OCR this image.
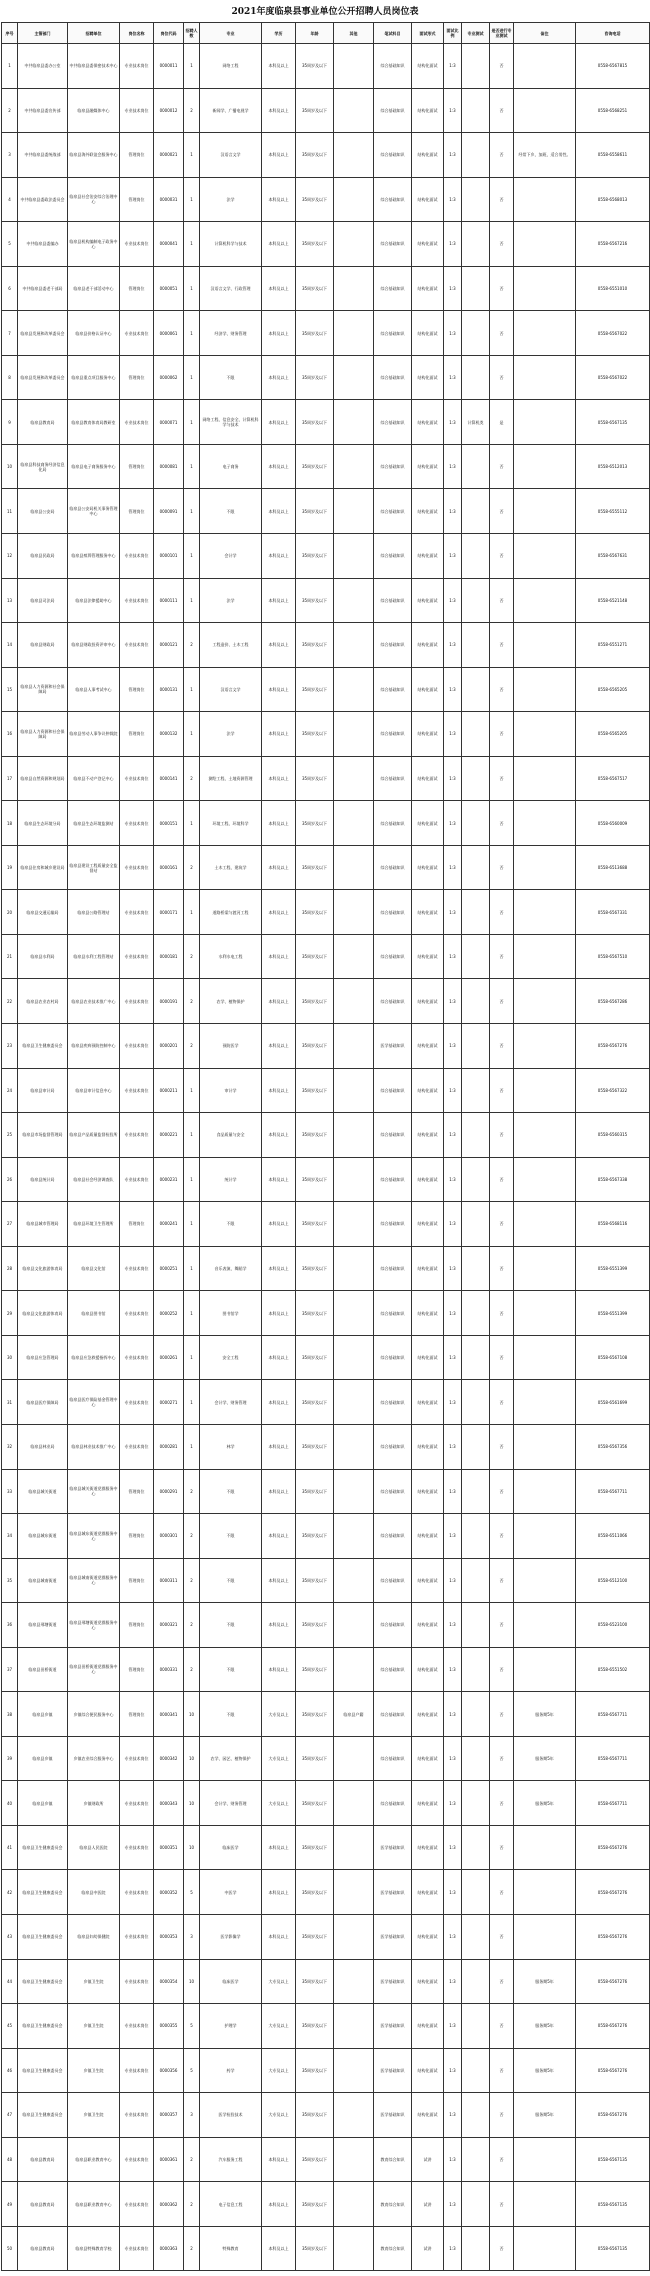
2021年度临泉县事业单位公开招聘人员岗位表
序号	主管部门	招聘单位	岗位名称	岗位代码	招聘人数	专业	学历	年龄	其他	笔试科目	面试形式	面试比例	专业测试	是否进行专业测试	备注	咨询电话
1	中共临泉县委办公室	中共临泉县委保密技术中心	专业技术岗位	0000011	1	网络工程	本科及以上	35周岁及以下		综合基础知识	结构化面试	1:3		否		0558-6567815
2	中共临泉县委宣传部	临泉县融媒体中心	专业技术岗位	0000012	2	新闻学、广播电视学	本科及以上	35周岁及以下		综合基础知识	结构化面试	1:3		否		0558-6568251
3	中共临泉县委统战部	临泉县海外联谊会服务中心	管理岗位	0000021	1	汉语言文学	本科及以上	35周岁及以下		综合基础知识	结构化面试	1:3		否	经常下乡，加班，适合男性。	0558-6558611
4	中共临泉县委政法委员会	临泉县社会治安综合治理中心	管理岗位	0000031	1	法学	本科及以上	35周岁及以下		综合基础知识	结构化面试	1:3		否		0558-6568013
5	中共临泉县委编办	临泉县机构编制电子政务中心	专业技术岗位	0000041	1	计算机科学与技术	本科及以上	35周岁及以下		综合基础知识	结构化面试	1:3		否		0558-6567216
6	中共临泉县委老干部局	临泉县老干部活动中心	管理岗位	0000051	1	汉语言文学、行政管理	本科及以上	35周岁及以下		综合基础知识	结构化面试	1:3		否		0558-6551010
7	临泉县发展和改革委员会	临泉县价格认证中心	专业技术岗位	0000061	1	经济学、财务管理	本科及以上	35周岁及以下		综合基础知识	结构化面试	1:3		否		0558-6567022
8	临泉县发展和改革委员会	临泉县重点项目服务中心	管理岗位	0000062	1	不限	本科及以上	35周岁及以下		综合基础知识	结构化面试	1:3		否		0558-6567022
9	临泉县教育局	临泉县教育体育局教研室	专业技术岗位	0000071	1	网络工程、信息安全、计算机科学与技术	本科及以上	35周岁及以下		综合基础知识	结构化面试	1:3	计算机类	是		0558-6567135
10	临泉县科技商务经济信息化局	临泉县电子商务服务中心	管理岗位	0000081	1	电子商务	本科及以上	35周岁及以下		综合基础知识	结构化面试	1:3		否		0558-6512013
11	临泉县公安局	临泉县公安局机关事务管理中心	管理岗位	0000091	1	不限	本科及以上	35周岁及以下		综合基础知识	结构化面试	1:3		否		0558-6555112
12	临泉县民政局	临泉县殡葬管理服务中心	专业技术岗位	0000101	1	会计学	本科及以上	35周岁及以下		综合基础知识	结构化面试	1:3		否		0558-6567631
13	临泉县司法局	临泉县法律援助中心	专业技术岗位	0000111	1	法学	本科及以上	35周岁及以下		综合基础知识	结构化面试	1:3		否		0558-6521148
14	临泉县财政局	临泉县财政投资评审中心	专业技术岗位	0000121	2	工程造价、土木工程	本科及以上	35周岁及以下		综合基础知识	结构化面试	1:3		否		0558-6551271
15	临泉县人力资源和社会保障局	临泉县人事考试中心	管理岗位	0000131	1	汉语言文学	本科及以上	35周岁及以下		综合基础知识	结构化面试	1:3		否		0558-6565205
16	临泉县人力资源和社会保障局	临泉县劳动人事争议仲裁院	管理岗位	0000132	1	法学	本科及以上	35周岁及以下		综合基础知识	结构化面试	1:3		否		0558-6565205
17	临泉县自然资源和规划局	临泉县不动产登记中心	专业技术岗位	0000141	2	测绘工程、土地资源管理	本科及以上	35周岁及以下		综合基础知识	结构化面试	1:3		否		0558-6567517
18	临泉县生态环境分局	临泉县生态环境监测站	专业技术岗位	0000151	1	环境工程、环境科学	本科及以上	35周岁及以下		综合基础知识	结构化面试	1:3		否		0558-6560009
19	临泉县住房和城乡建设局	临泉县建设工程质量安全监督站	专业技术岗位	0000161	2	土木工程、建筑学	本科及以上	35周岁及以下		综合基础知识	结构化面试	1:3		否		0558-6513688
20	临泉县交通运输局	临泉县公路管理站	专业技术岗位	0000171	1	道路桥梁与渡河工程	本科及以上	35周岁及以下		综合基础知识	结构化面试	1:3		否		0558-6567331
21	临泉县水利局	临泉县水利工程管理站	专业技术岗位	0000181	2	水利水电工程	本科及以上	35周岁及以下		综合基础知识	结构化面试	1:3		否		0558-6567510
22	临泉县农业农村局	临泉县农业技术推广中心	专业技术岗位	0000191	2	农学、植物保护	本科及以上	35周岁及以下		综合基础知识	结构化面试	1:3		否		0558-6567286
23	临泉县卫生健康委员会	临泉县疾病预防控制中心	专业技术岗位	0000201	2	预防医学	本科及以上	35周岁及以下		医学基础知识	结构化面试	1:3		否		0558-6567276
24	临泉县审计局	临泉县审计信息中心	专业技术岗位	0000211	1	审计学	本科及以上	35周岁及以下		综合基础知识	结构化面试	1:3		否		0558-6567322
25	临泉县市场监督管理局	临泉县产品质量监督检验所	专业技术岗位	0000221	1	食品质量与安全	本科及以上	35周岁及以下		综合基础知识	结构化面试	1:3		否		0558-6560315
26	临泉县统计局	临泉县社会经济调查队	专业技术岗位	0000231	1	统计学	本科及以上	35周岁及以下		综合基础知识	结构化面试	1:3		否		0558-6567338
27	临泉县城市管理局	临泉县环境卫生管理所	管理岗位	0000241	1	不限	本科及以上	35周岁及以下		综合基础知识	结构化面试	1:3		否		0558-6568116
28	临泉县文化旅游体育局	临泉县文化馆	专业技术岗位	0000251	1	音乐表演、舞蹈学	本科及以上	35周岁及以下		综合基础知识	结构化面试	1:3		否		0558-6551399
29	临泉县文化旅游体育局	临泉县图书馆	专业技术岗位	0000252	1	图书馆学	本科及以上	35周岁及以下		综合基础知识	结构化面试	1:3		否		0558-6551399
30	临泉县应急管理局	临泉县应急救援指挥中心	专业技术岗位	0000261	1	安全工程	本科及以上	35周岁及以下		综合基础知识	结构化面试	1:3		否		0558-6567108
31	临泉县医疗保障局	临泉县医疗保险基金管理中心	专业技术岗位	0000271	1	会计学、财务管理	本科及以上	35周岁及以下		综合基础知识	结构化面试	1:3		否		0558-6561699
32	临泉县林业局	临泉县林业技术推广中心	专业技术岗位	0000281	1	林学	本科及以上	35周岁及以下		综合基础知识	结构化面试	1:3		否		0558-6567356
33	临泉县城关街道	临泉县城关街道党群服务中心	管理岗位	0000291	2	不限	本科及以上	35周岁及以下		综合基础知识	结构化面试	1:3		否		0558-6567711
34	临泉县城东街道	临泉县城东街道党群服务中心	管理岗位	0000301	2	不限	本科及以上	35周岁及以下		综合基础知识	结构化面试	1:3		否		0558-6511066
35	临泉县城南街道	临泉县城南街道党群服务中心	管理岗位	0000311	2	不限	本科及以上	35周岁及以下		综合基础知识	结构化面试	1:3		否		0558-6512100
36	临泉县邢塘街道	临泉县邢塘街道党群服务中心	管理岗位	0000321	2	不限	本科及以上	35周岁及以下		综合基础知识	结构化面试	1:3		否		0558-6523100
37	临泉县田桥街道	临泉县田桥街道党群服务中心	管理岗位	0000331	2	不限	本科及以上	35周岁及以下		综合基础知识	结构化面试	1:3		否		0558-6551502
38	临泉县乡镇	乡镇综合便民服务中心	管理岗位	0000341	10	不限	大专及以上	35周岁及以下	临泉县户籍	综合基础知识	结构化面试	1:3		否	服务期5年	0558-6567711
39	临泉县乡镇	乡镇农业综合服务中心	专业技术岗位	0000342	10	农学、园艺、植物保护	大专及以上	35周岁及以下		综合基础知识	结构化面试	1:3		否	服务期5年	0558-6567711
40	临泉县乡镇	乡镇财政所	专业技术岗位	0000343	10	会计学、财务管理	大专及以上	35周岁及以下		综合基础知识	结构化面试	1:3		否	服务期5年	0558-6567711
41	临泉县卫生健康委员会	临泉县人民医院	专业技术岗位	0000351	10	临床医学	本科及以上	35周岁及以下		医学基础知识	结构化面试	1:3		否		0558-6567276
42	临泉县卫生健康委员会	临泉县中医院	专业技术岗位	0000352	5	中医学	本科及以上	35周岁及以下		医学基础知识	结构化面试	1:3		否		0558-6567276
43	临泉县卫生健康委员会	临泉县妇幼保健院	专业技术岗位	0000353	3	医学影像学	本科及以上	35周岁及以下		医学基础知识	结构化面试	1:3		否		0558-6567276
44	临泉县卫生健康委员会	乡镇卫生院	专业技术岗位	0000354	10	临床医学	大专及以上	35周岁及以下		医学基础知识	结构化面试	1:3		否	服务期5年	0558-6567276
45	临泉县卫生健康委员会	乡镇卫生院	专业技术岗位	0000355	5	护理学	大专及以上	35周岁及以下		医学基础知识	结构化面试	1:3		否	服务期5年	0558-6567276
46	临泉县卫生健康委员会	乡镇卫生院	专业技术岗位	0000356	5	药学	大专及以上	35周岁及以下		医学基础知识	结构化面试	1:3		否	服务期5年	0558-6567276
47	临泉县卫生健康委员会	乡镇卫生院	专业技术岗位	0000357	3	医学检验技术	大专及以上	35周岁及以下		医学基础知识	结构化面试	1:3		否	服务期5年	0558-6567276
48	临泉县教育局	临泉县职业教育中心	专业技术岗位	0000361	2	汽车服务工程	本科及以上	35周岁及以下		教育综合知识	试讲	1:3		否		0558-6567135
49	临泉县教育局	临泉县职业教育中心	专业技术岗位	0000362	2	电子信息工程	本科及以上	35周岁及以下		教育综合知识	试讲	1:3		否		0558-6567135
50	临泉县教育局	临泉县特殊教育学校	专业技术岗位	0000363	2	特殊教育	本科及以上	35周岁及以下		教育综合知识	试讲	1:3		否		0558-6567135
